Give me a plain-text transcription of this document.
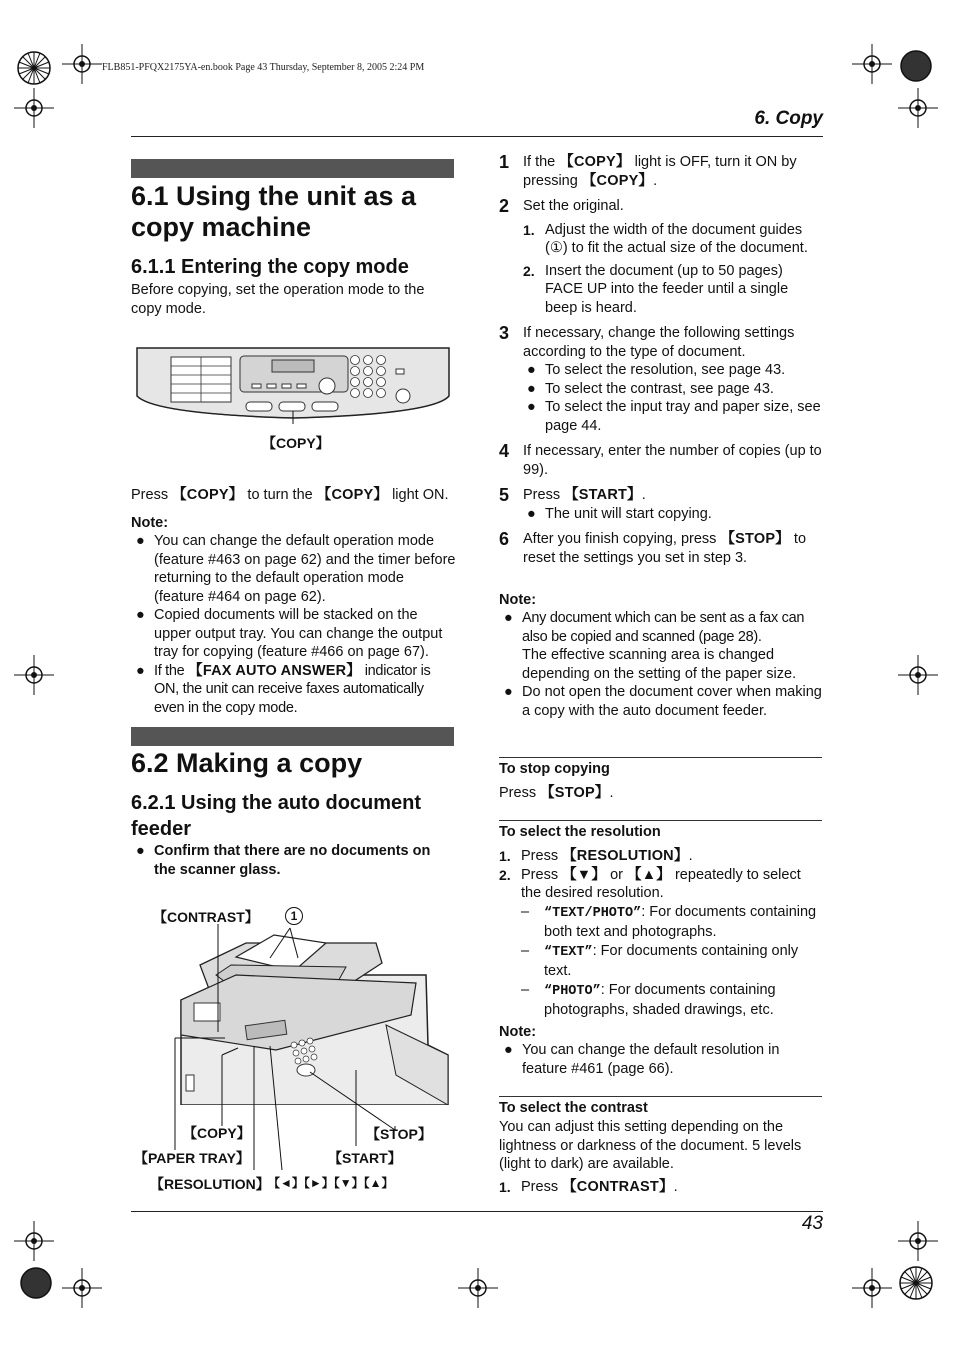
FLB851-PFQX2175YA-en.book Page 43 Thursday, September 8, 2005 2:24 PM
6. Copy
6.1 Using the unit as a copy machine
6.1.1 Entering the copy mode
Before copying, set the operation mode to the copy mode.
【COPY】
Press 【COPY】 to turn the 【COPY】 light ON.
Note:
● You can change the default operation mode (feature #463 on page 62) and the timer before returning to the default operation mode (feature #464 on page 62).
● Copied documents will be stacked on the upper output tray. You can change the output tray for copying (feature #466 on page 67).
● If the 【FAX AUTO ANSWER】 indicator is ON, the unit can receive faxes automatically even in the copy mode.
6.2 Making a copy
6.2.1 Using the auto document feeder
● Confirm that there are no documents on the scanner glass.
【CONTRAST】	1
【COPY】	【STOP】
【PAPER TRAY】	【START】
【RESOLUTION】
【◄】【►】【▼】【▲】
1 If the 【COPY】 light is OFF, turn it ON by pressing 【COPY】.
2 Set the original.
1. Adjust the width of the document guides (①) to fit the actual size of the document.
2. Insert the document (up to 50 pages) FACE UP into the feeder until a single beep is heard.
3 If necessary, change the following settings according to the type of document.
● To select the resolution, see page 43.
● To select the contrast, see page 43.
● To select the input tray and paper size, see page 44.
4 If necessary, enter the number of copies (up to 99).
5 Press 【START】.
● The unit will start copying.
6 After you finish copying, press 【STOP】 to reset the settings you set in step 3.
Note:
● Any document which can be sent as a fax can also be copied and scanned (page 28).
The effective scanning area is changed depending on the setting of the paper size.
● Do not open the document cover when making a copy with the auto document feeder.
To stop copying
Press 【STOP】.
To select the resolution
1. Press 【RESOLUTION】.
2. Press 【▼】 or 【▲】 repeatedly to select the desired resolution.
–	“TEXT/PHOTO”: For documents containing both text and photographs.
–	“TEXT”: For documents containing only text.
–	“PHOTO”: For documents containing photographs, shaded drawings, etc.
Note:
● You can change the default resolution in feature #461 (page 66).
To select the contrast
You can adjust this setting depending on the lightness or darkness of the document. 5 levels (light to dark) are available.
1. Press 【CONTRAST】.
43
